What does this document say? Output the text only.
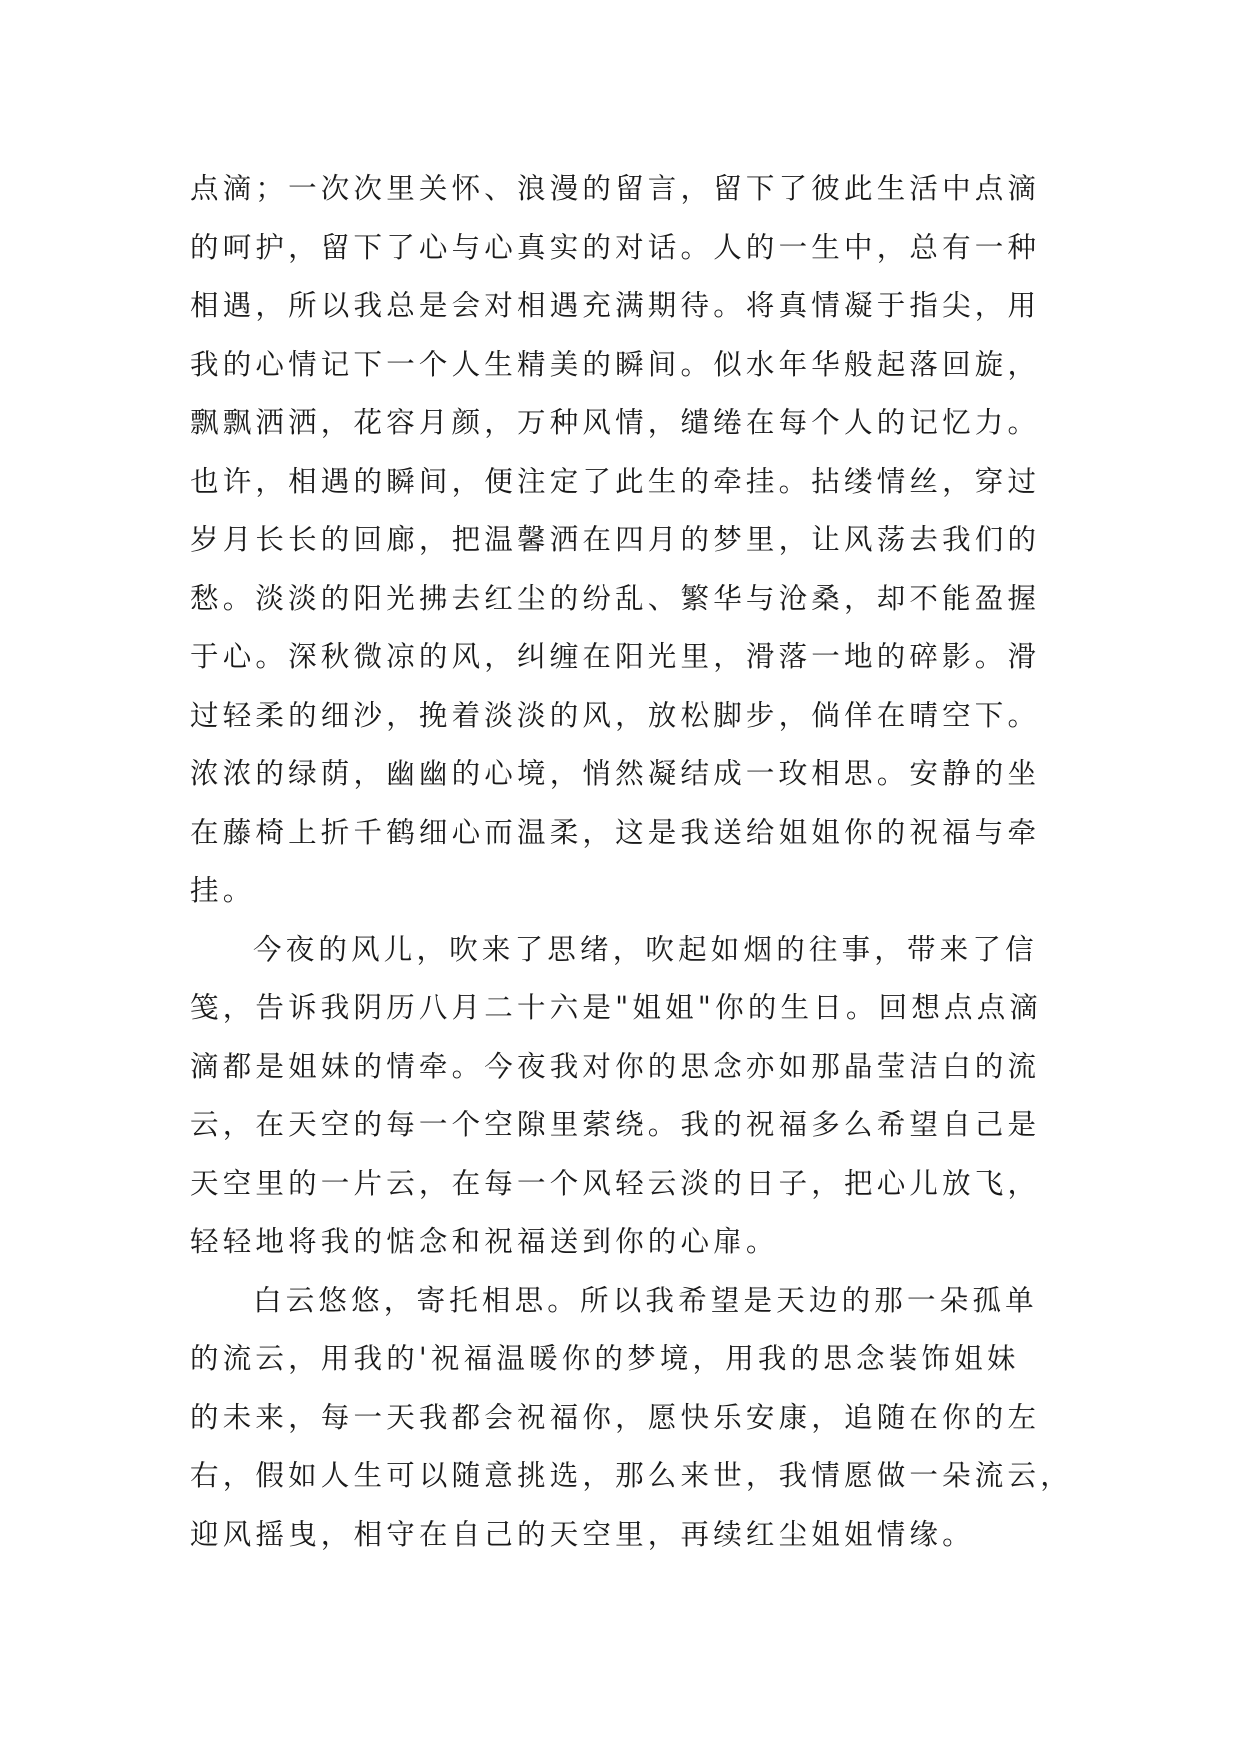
点滴；一次次里关怀、浪漫的留言，留下了彼此生活中点滴
的呵护，留下了心与心真实的对话。人的一生中，总有一种
相遇，所以我总是会对相遇充满期待。将真情凝于指尖，用
我的心情记下一个人生精美的瞬间。似水年华般起落回旋，
飘飘洒洒，花容月颜，万种风情，缱绻在每个人的记忆力。
也许，相遇的瞬间，便注定了此生的牵挂。拈缕情丝，穿过
岁月长长的回廊，把温馨洒在四月的梦里，让风荡去我们的
愁。淡淡的阳光拂去红尘的纷乱、繁华与沧桑，却不能盈握
于心。深秋微凉的风，纠缠在阳光里，滑落一地的碎影。滑
过轻柔的细沙，挽着淡淡的风，放松脚步，倘佯在晴空下。
浓浓的绿荫，幽幽的心境，悄然凝结成一玫相思。安静的坐
在藤椅上折千鹤细心而温柔，这是我送给姐姐你的祝福与牵
挂。
今夜的风儿，吹来了思绪，吹起如烟的往事，带来了信
笺，告诉我阴历八月二十六是"姐姐"你的生日。回想点点滴
滴都是姐妹的情牵。今夜我对你的思念亦如那晶莹洁白的流
云，在天空的每一个空隙里萦绕。我的祝福多么希望自己是
天空里的一片云，在每一个风轻云淡的日子，把心儿放飞，
轻轻地将我的惦念和祝福送到你的心扉。
白云悠悠，寄托相思。所以我希望是天边的那一朵孤单
的流云，用我的'祝福温暖你的梦境，用我的思念装饰姐妹
的未来，每一天我都会祝福你，愿快乐安康，追随在你的左
右，假如人生可以随意挑选，那么来世，我情愿做一朵流云，
迎风摇曳，相守在自己的天空里，再续红尘姐姐情缘。
